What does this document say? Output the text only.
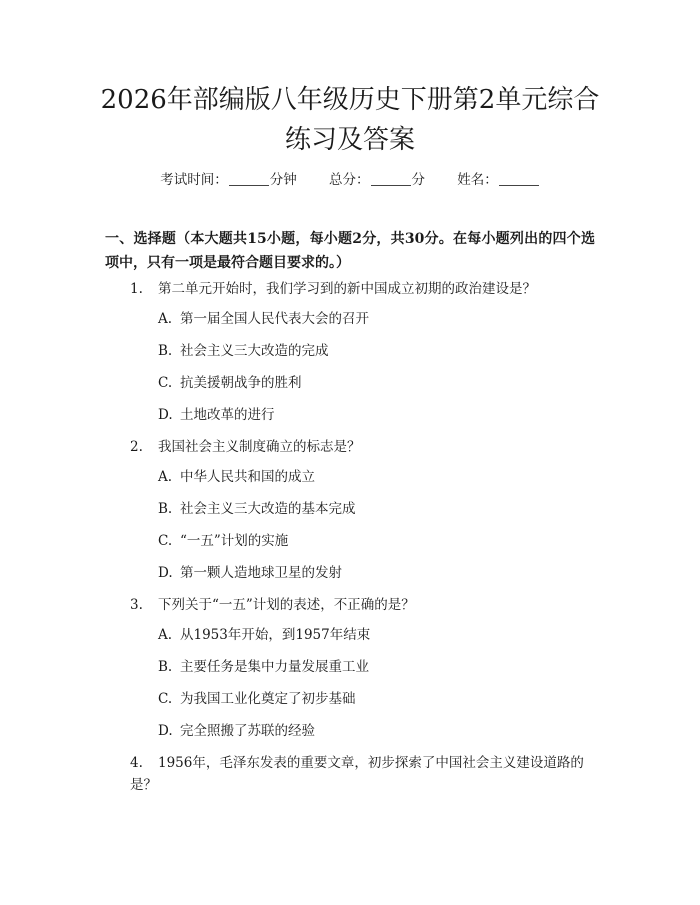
2026年部编版八年级历史下册第2单元综合
练习及答案
考试时间：	分钟 总分：	分 姓名：
一、选择题（本大题共15小题，每小题2分，共30分。在每小题列出的四个选项中，只有一项是最符合题目要求的。）
1.	第二单元开始时，我们学习到的新中国成立初期的政治建设是？
A. 第一届全国人民代表大会的召开
B. 社会主义三大改造的完成
C. 抗美援朝战争的胜利
D. 土地改革的进行
2.	我国社会主义制度确立的标志是？
A. 中华人民共和国的成立
B. 社会主义三大改造的基本完成
C. “一五”计划的实施
D. 第一颗人造地球卫星的发射
3.	下列关于“一五”计划的表述，不正确的是？
A. 从1953年开始，到1957年结束
B. 主要任务是集中力量发展重工业
C. 为我国工业化奠定了初步基础
D. 完全照搬了苏联的经验
4. 1956年，毛泽东发表的重要文章，初步探索了中国社会主义建设道路的是？
